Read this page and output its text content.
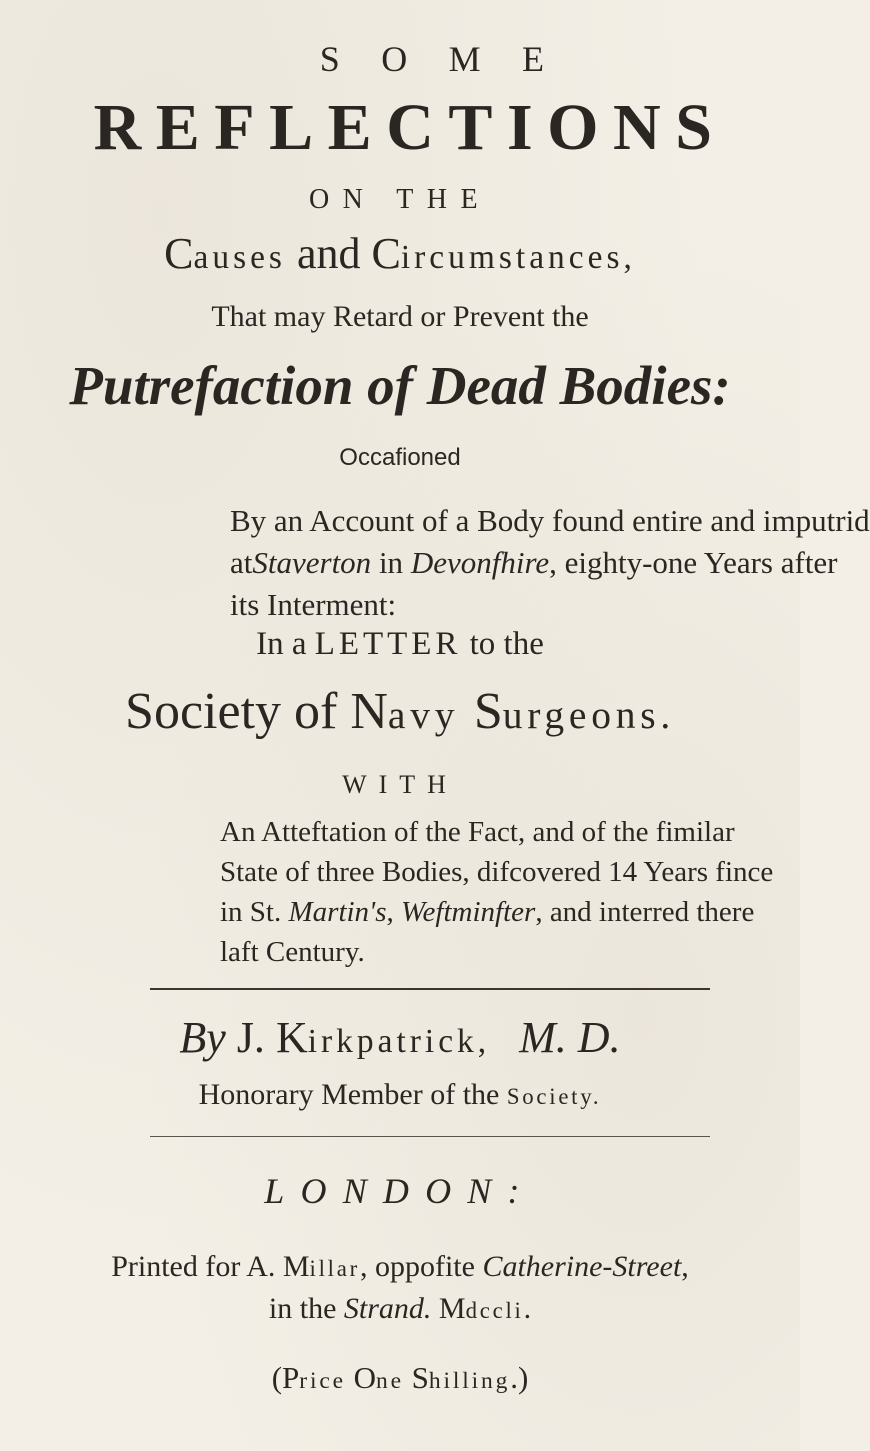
S O M E
REFLECTIONS
ON THE
Causes and Circumstances,
That may Retard or Prevent the
Putrefaction of Dead Bodies:
Occafioned
By an Account of a Body found entire and imputrid
atStaverton in Devonfhire, eighty-one Years after
its Interment:
In a LETTER to the
Society of Navy Surgeons.
WITH
An Atteftation of the Fact, and of the fimilar
State of three Bodies, difcovered 14 Years fince
in St. Martin's, Weftminfter, and interred there
laft Century.
By J. Kirkpatrick, M. D.
Honorary Member of the Society.
LONDON:
Printed for A. Millar, oppofite Catherine-Street,
in the Strand. Mdccli.
(Price One Shilling.)
